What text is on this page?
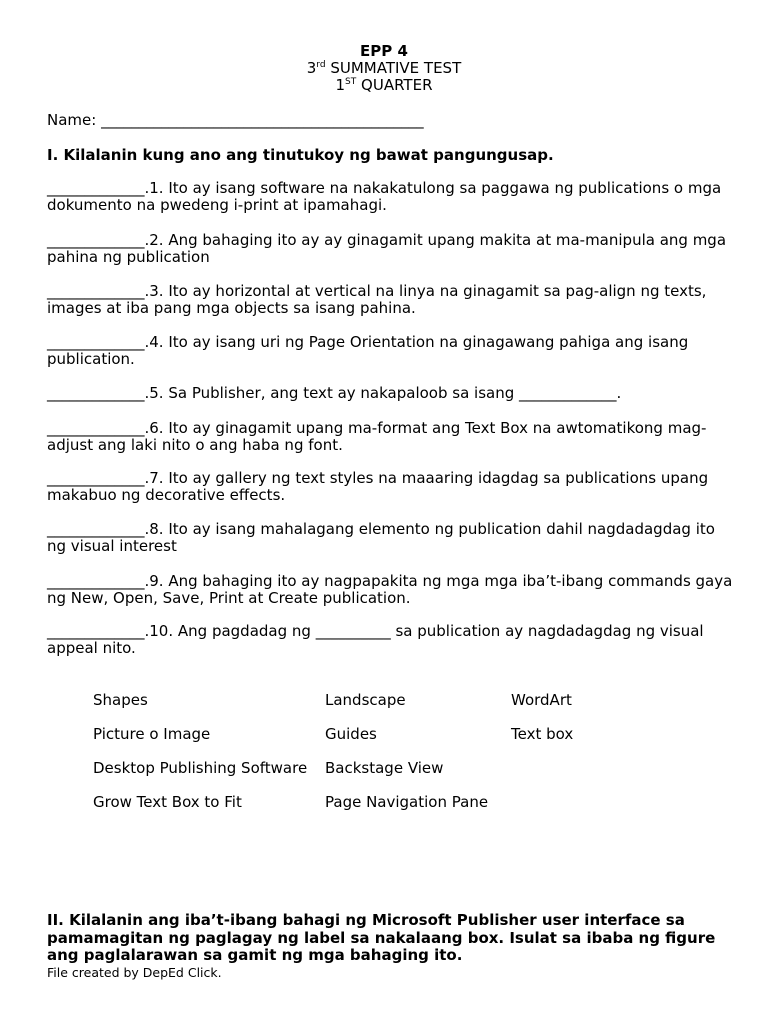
EPP 4
3rd SUMMATIVE TEST
1ST QUARTER
Name: ___________________________________________
I. Kilalanin kung ano ang tinutukoy ng bawat pangungusap.
_____________.1. Ito ay isang software na nakakatulong sa paggawa ng publications o mga dokumento na pwedeng i-print at ipamahagi.
_____________.2. Ang bahaging ito ay ay ginagamit upang makita at ma-manipula ang mga pahina ng publication
_____________.3. Ito ay horizontal at vertical na linya na ginagamit sa pag-align ng texts, images at iba pang mga objects sa isang pahina.
_____________.4. Ito ay isang uri ng Page Orientation na ginagawang pahiga ang isang publication.
_____________.5. Sa Publisher, ang text ay nakapaloob sa isang _____________.
_____________.6. Ito ay ginagamit upang ma-format ang Text Box na awtomatikong mag-adjust ang laki nito o ang haba ng font.
_____________.7. Ito ay gallery ng text styles na maaaring idagdag sa publications upang makabuo ng decorative effects.
_____________.8. Ito ay isang mahalagang elemento ng publication dahil nagdadagdag ito ng visual interest
_____________.9. Ang bahaging ito ay nagpapakita ng mga mga iba’t-ibang commands gaya ng New, Open, Save, Print at Create publication.
_____________.10. Ang pagdadag ng __________ sa publication ay nagdadagdag ng visual appeal nito.
Shapes
Picture o Image
Desktop Publishing Software
Grow Text Box to Fit
Landscape
Guides
Backstage View
Page Navigation Pane
WordArt
Text box
II. Kilalanin ang iba’t-ibang bahagi ng Microsoft Publisher user interface sa pamamagitan ng paglagay ng label sa nakalaang box. Isulat sa ibaba ng figure ang paglalarawan sa gamit ng mga bahaging ito.
File created by DepEd Click.
